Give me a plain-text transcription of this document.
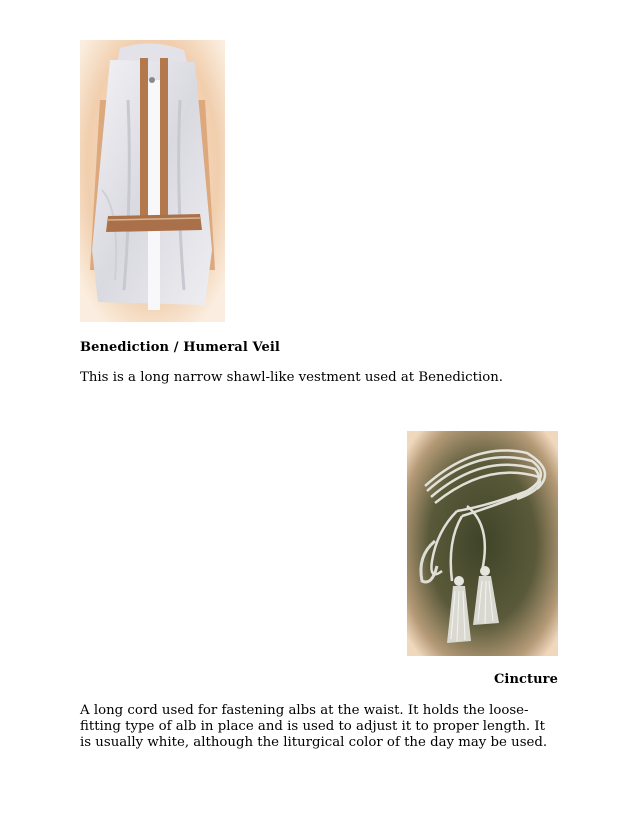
Benediction / Humeral Veil
This is a long narrow shawl-like vestment used at Benediction.
Cincture
A long cord used for fastening albs at the waist. It holds the loose-
fitting type of alb in place and is used to adjust it to proper length. It
is usually white, although the liturgical color of the day may be used.
